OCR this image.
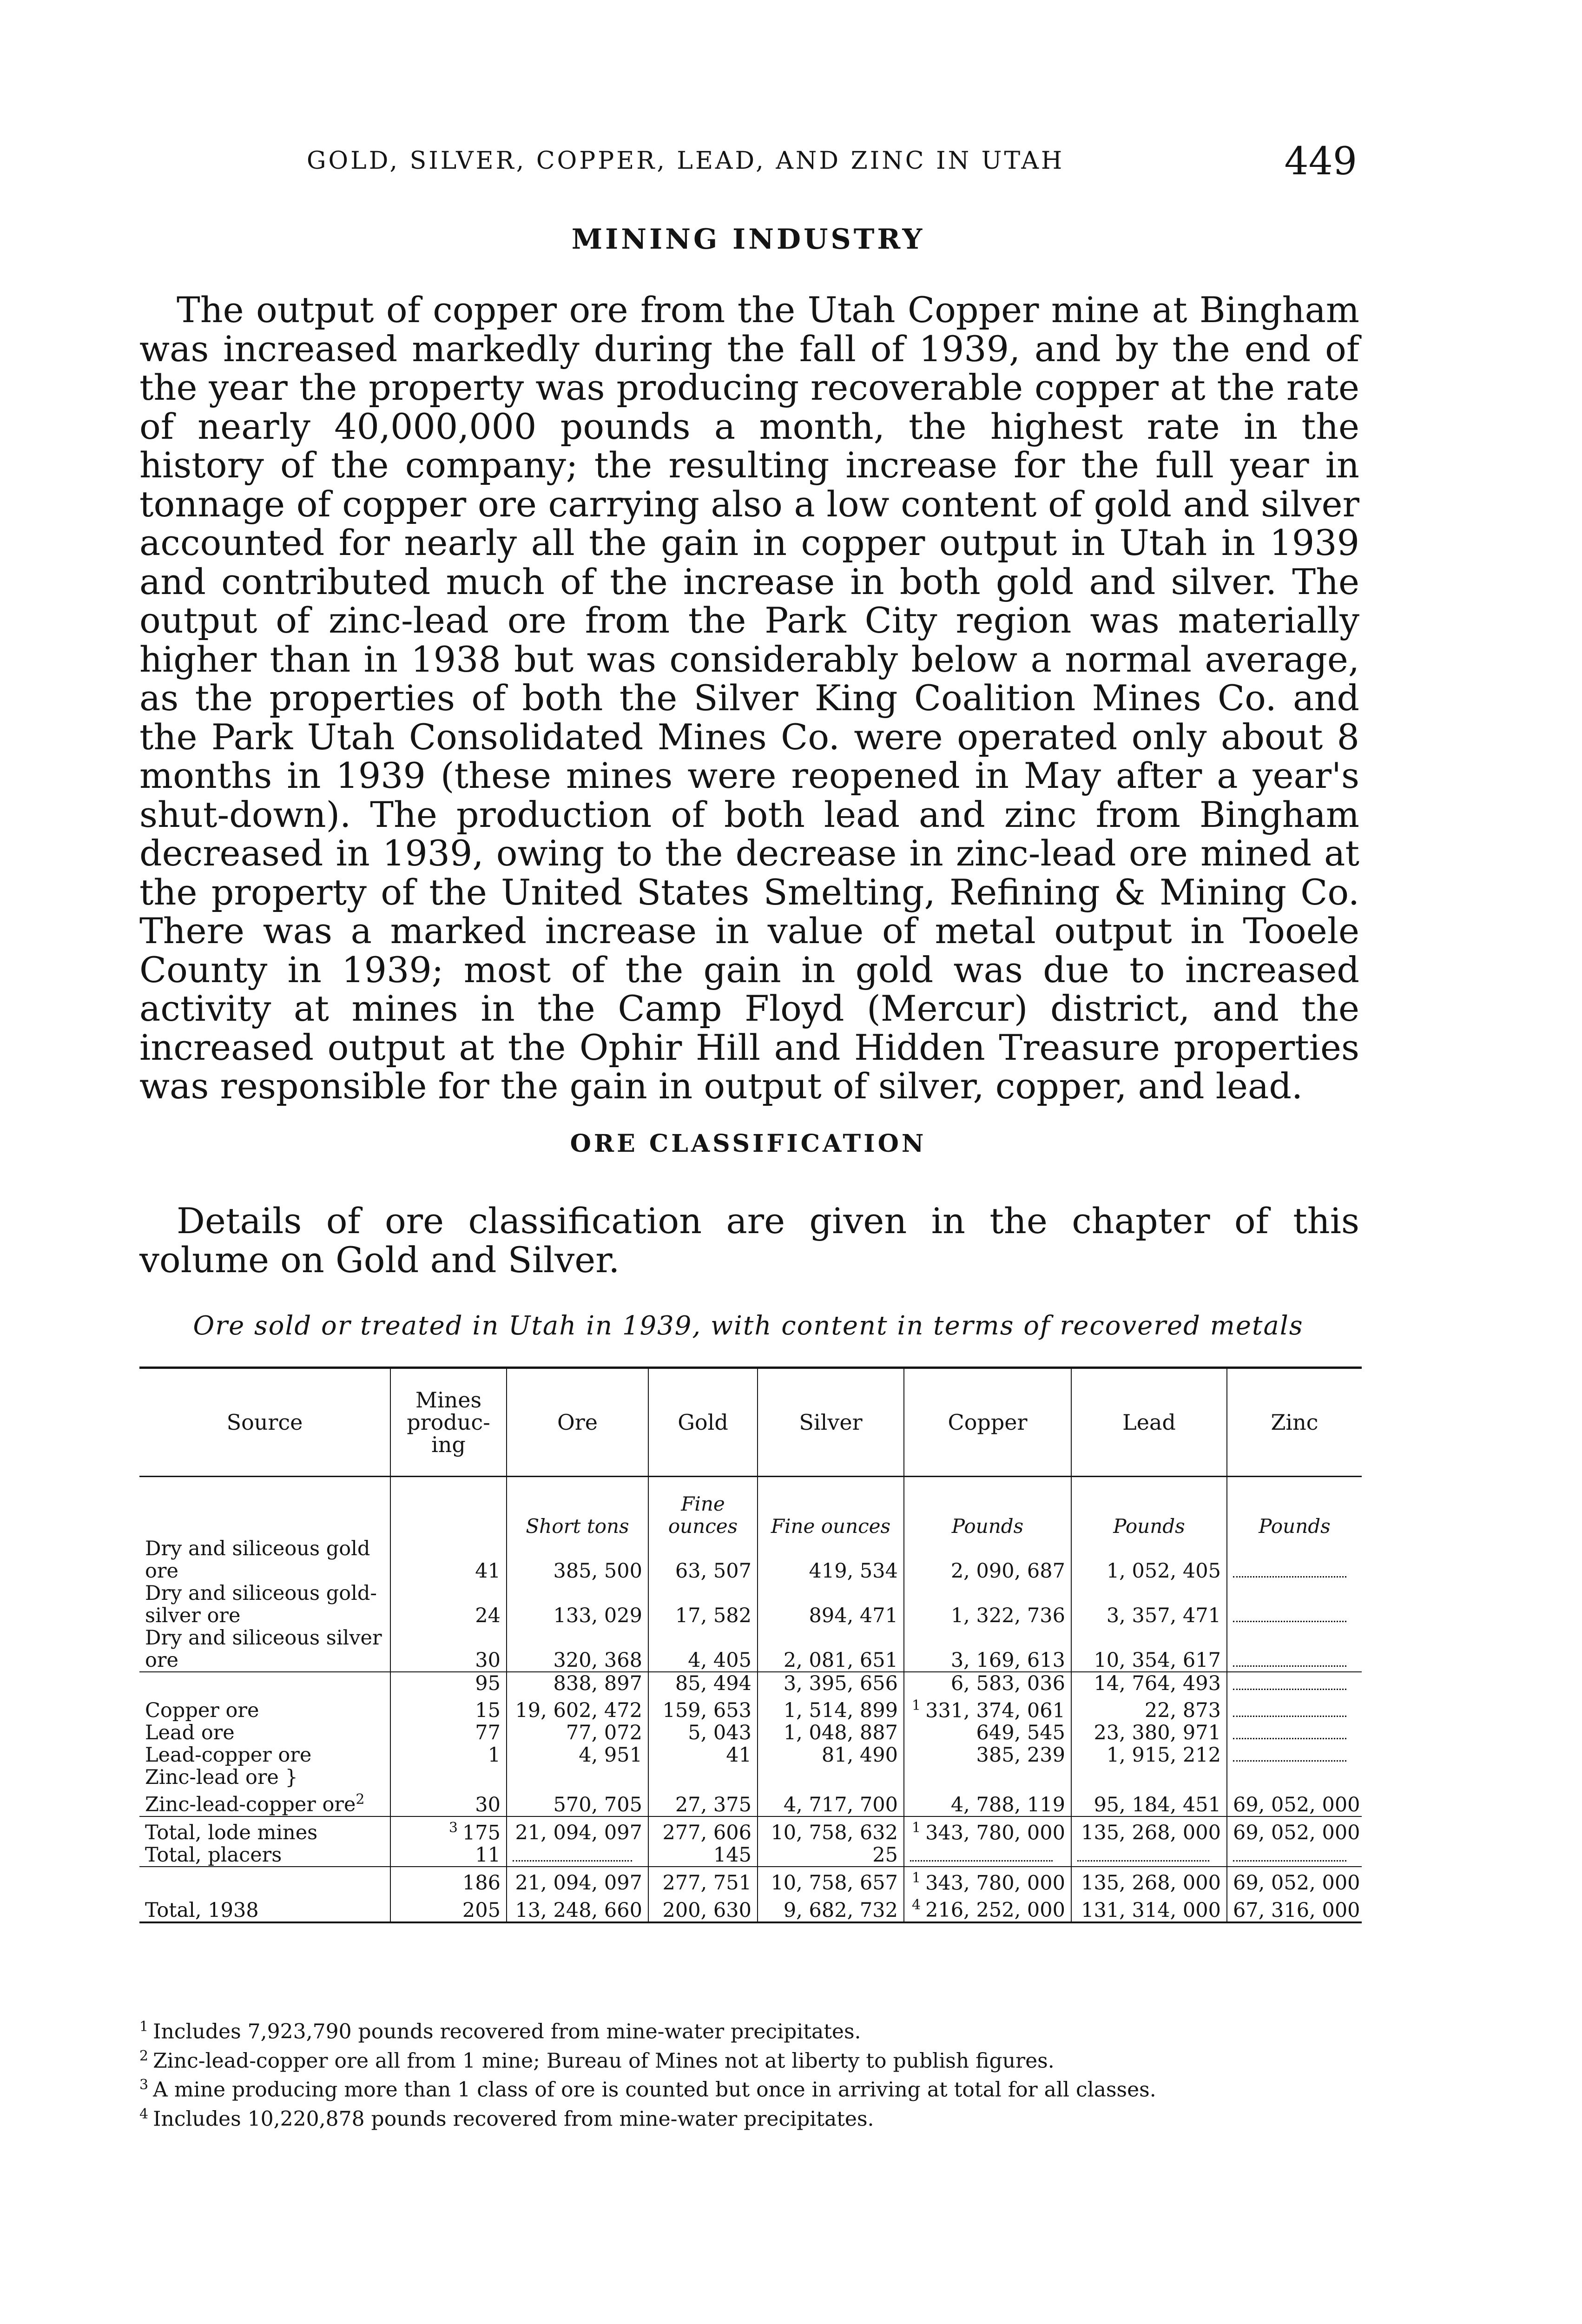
GOLD, SILVER, COPPER, LEAD, AND ZINC IN UTAH	449
MINING INDUSTRY

The output of copper ore from the Utah Copper mine at Bingham was increased markedly during the fall of 1939, and by the end of the year the property was producing recoverable copper at the rate of nearly 40,000,000 pounds a month, the highest rate in the history of the company; the resulting increase for the full year in tonnage of copper ore carrying also a low content of gold and silver accounted for nearly all the gain in copper output in Utah in 1939 and contributed much of the increase in both gold and silver. The output of zinc-lead ore from the Park City region was materially higher than in 1938 but was considerably below a normal average, as the properties of both the Silver King Coalition Mines Co. and the Park Utah Consolidated Mines Co. were operated only about 8 months in 1939 (these mines were reopened in May after a year's shut-down). The production of both lead and zinc from Bingham decreased in 1939, owing to the decrease in zinc-lead ore mined at the property of the United States Smelting, Refining & Mining Co. There was a marked increase in value of metal output in Tooele County in 1939; most of the gain in gold was due to increased activity at mines in the Camp Floyd (Mercur) district, and the increased output at the Ophir Hill and Hidden Treasure properties was responsible for the gain in output of silver, copper, and lead.

ORE CLASSIFICATION

Details of ore classification are given in the chapter of this volume on Gold and Silver.

Ore sold or treated in Utah in 1939, with content in terms of recovered metals
Source	Mines produc- ing	Ore	Gold	Silver	Copper	Lead	Zinc
		Short tons	Fine ounces	Fine ounces	Pounds	Pounds	Pounds
Dry and siliceous gold ore	41	385, 500	63, 507	419, 534	2, 090, 687	1, 052, 405	
Dry and siliceous gold-silver ore	24	133, 029	17, 582	894, 471	1, 322, 736	3, 357, 471	
Dry and siliceous silver ore	30	320, 368	4, 405	2, 081, 651	3, 169, 613	10, 354, 617	
	95	838, 897	85, 494	3, 395, 656	6, 583, 036	14, 764, 493	
Copper ore	15	19, 602, 472	159, 653	1, 514, 899	$^1$ 331, 374, 061	22, 873	
Lead ore	77	77, 072	5, 043	1, 048, 887	649, 545	23, 380, 971	
Lead-copper ore	1	4, 951	41	81, 490	385, 239	1, 915, 212	
Zinc-lead ore }
Zinc-lead-copper ore$^2$	30	570, 705	27, 375	4, 717, 700	4, 788, 119	95, 184, 451	69, 052, 000
Total, lode mines	$^3$ 175	21, 094, 097	277, 606	10, 758, 632	$^1$ 343, 780, 000	135, 268, 000	69, 052, 000
Total, placers	11		145	25			
	186	21, 094, 097	277, 751	10, 758, 657	$^1$ 343, 780, 000	135, 268, 000	69, 052, 000
Total, 1938	205	13, 248, 660	200, 630	9, 682, 732	$^4$ 216, 252, 000	131, 314, 000	67, 316, 000
$^1$ Includes 7,923,790 pounds recovered from mine-water precipitates.
$^2$ Zinc-lead-copper ore all from 1 mine; Bureau of Mines not at liberty to publish figures.
$^3$ A mine producing more than 1 class of ore is counted but once in arriving at total for all classes.
$^4$ Includes 10,220,878 pounds recovered from mine-water precipitates.
